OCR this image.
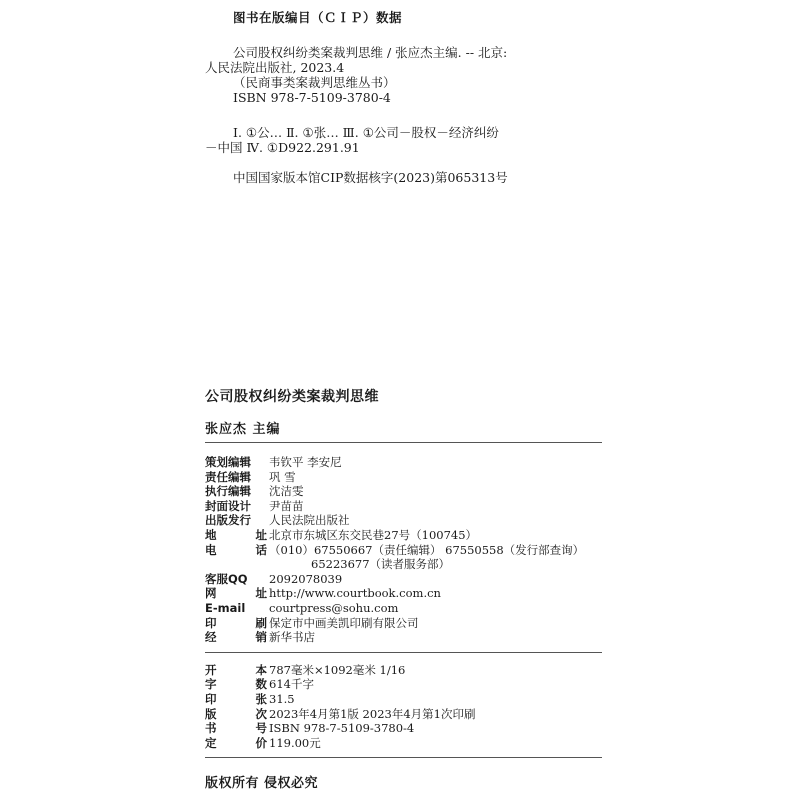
图书在版编目（ＣＩＰ）数据
公司股权纠纷类案裁判思维 / 张应杰主编. -- 北京:
人民法院出版社, 2023.4
（民商事类案裁判思维丛书）
ISBN 978-7-5109-3780-4
Ⅰ. ①公… Ⅱ. ①张… Ⅲ. ①公司－股权－经济纠纷
－中国 Ⅳ. ①D922.291.91
中国国家版本馆CIP数据核字(2023)第065313号
公司股权纠纷类案裁判思维
张应杰 主编
策划编辑	韦钦平 李安尼
责任编辑	巩 雪
执行编辑	沈洁雯
封面设计	尹苗苗
出版发行	人民法院出版社
地	址 北京市东城区东交民巷27号（100745）
电	话 （010）67550667（责任编辑） 67550558（发行部查询）
65223677（读者服务部）
客服QQ	2092078039
网	址 http://www.courtbook.com.cn
E-mail	courtpress@sohu.com
印	刷 保定市中画美凯印刷有限公司
经	销 新华书店
开	本 787毫米×1092毫米 1/16
字	数 614千字
印	张 31.5
版	次 2023年4月第1版 2023年4月第1次印刷
书	号 ISBN 978-7-5109-3780-4
定	价 119.00元
版权所有 侵权必究
